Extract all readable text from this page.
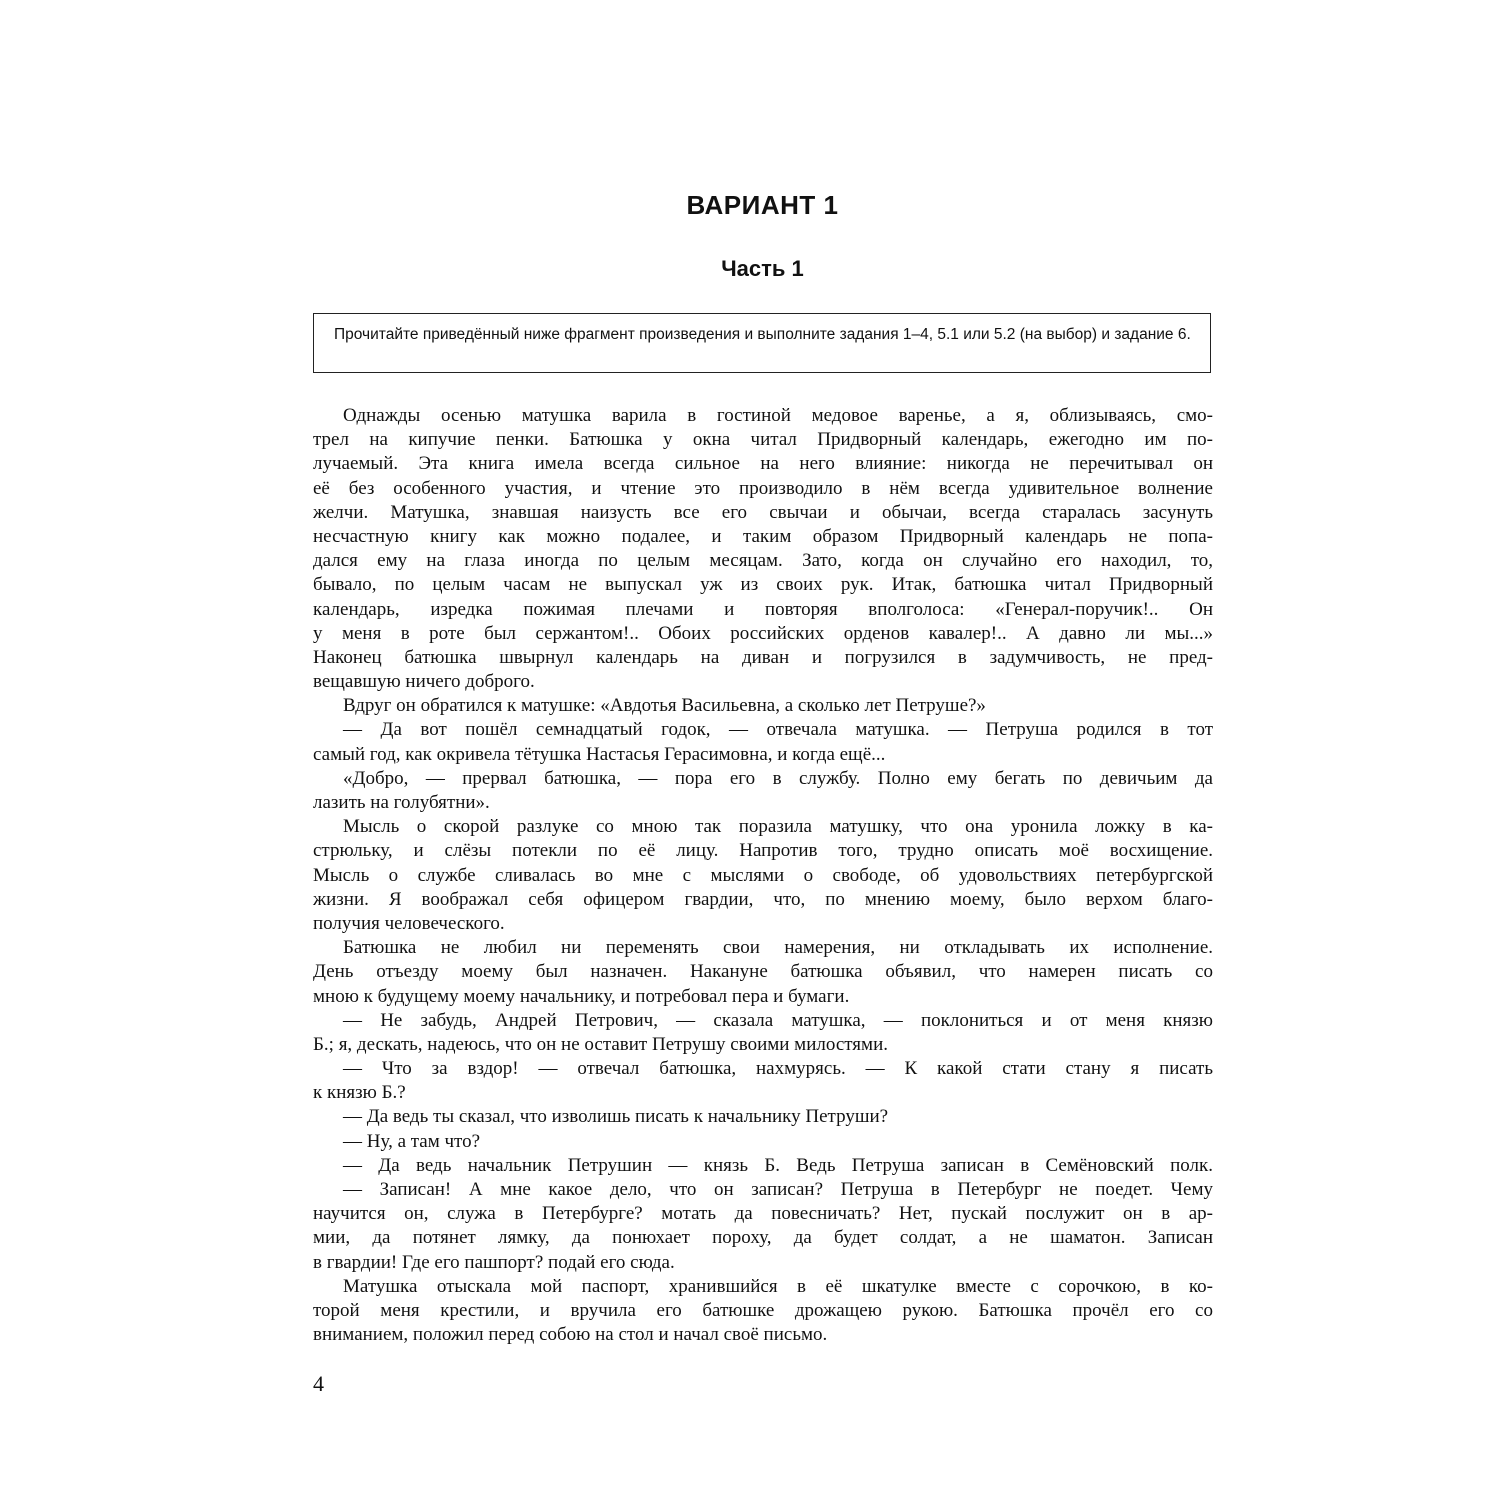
ВАРИАНТ 1
Часть 1
Прочитайте приведённый ниже фрагмент произведения и выполните задания 1–4, 5.1 или 5.2 (на выбор) и задание 6.
Однажды осенью матушка варила в гостиной медовое варенье, а я, облизываясь, смо-
трел на кипучие пенки. Батюшка у окна читал Придворный календарь, ежегодно им по-
лучаемый. Эта книга имела всегда сильное на него влияние: никогда не перечитывал он
её без особенного участия, и чтение это производило в нём всегда удивительное волнение
желчи. Матушка, знавшая наизусть все его свычаи и обычаи, всегда старалась засунуть
несчастную книгу как можно подалее, и таким образом Придворный календарь не попа-
дался ему на глаза иногда по целым месяцам. Зато, когда он случайно его находил, то,
бывало, по целым часам не выпускал уж из своих рук. Итак, батюшка читал Придворный
календарь, изредка пожимая плечами и повторяя вполголоса: «Генерал-поручик!.. Он
у меня в роте был сержантом!.. Обоих российских орденов кавалер!.. А давно ли мы...»
Наконец батюшка швырнул календарь на диван и погрузился в задумчивость, не пред-
вещавшую ничего доброго.
Вдруг он обратился к матушке: «Авдотья Васильевна, а сколько лет Петруше?»
— Да вот пошёл семнадцатый годок, — отвечала матушка. — Петруша родился в тот
самый год, как окривела тётушка Настасья Герасимовна, и когда ещё...
«Добро, — прервал батюшка, — пора его в службу. Полно ему бегать по девичьим да
лазить на голубятни».
Мысль о скорой разлуке со мною так поразила матушку, что она уронила ложку в ка-
стрюльку, и слёзы потекли по её лицу. Напротив того, трудно описать моё восхищение.
Мысль о службе сливалась во мне с мыслями о свободе, об удовольствиях петербургской
жизни. Я воображал себя офицером гвардии, что, по мнению моему, было верхом благо-
получия человеческого.
Батюшка не любил ни переменять свои намерения, ни откладывать их исполнение.
День отъезду моему был назначен. Накануне батюшка объявил, что намерен писать со
мною к будущему моему начальнику, и потребовал пера и бумаги.
— Не забудь, Андрей Петрович, — сказала матушка, — поклониться и от меня князю
Б.; я, дескать, надеюсь, что он не оставит Петрушу своими милостями.
— Что за вздор! — отвечал батюшка, нахмурясь. — К какой стати стану я писать
к князю Б.?
— Да ведь ты сказал, что изволишь писать к начальнику Петруши?
— Ну, а там что?
— Да ведь начальник Петрушин — князь Б. Ведь Петруша записан в Семёновский полк.
— Записан! А мне какое дело, что он записан? Петруша в Петербург не поедет. Чему
научится он, служа в Петербурге? мотать да повесничать? Нет, пускай послужит он в ар-
мии, да потянет лямку, да понюхает пороху, да будет солдат, а не шаматон. Записан
в гвардии! Где его пашпорт? подай его сюда.
Матушка отыскала мой паспорт, хранившийся в её шкатулке вместе с сорочкою, в ко-
торой меня крестили, и вручила его батюшке дрожащею рукою. Батюшка прочёл его со
вниманием, положил перед собою на стол и начал своё письмо.
4
